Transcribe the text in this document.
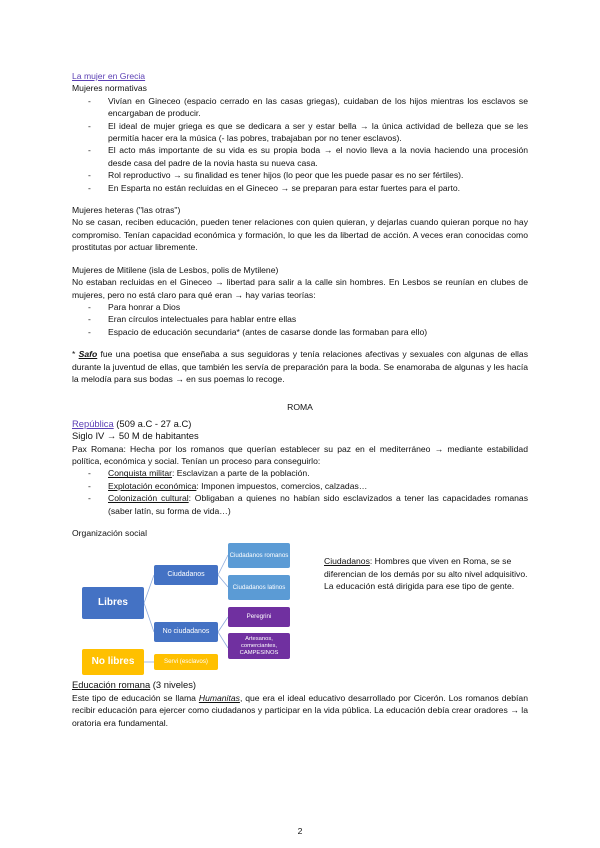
La mujer en Grecia

Mujeres normativas

- Vivían en Gineceo (espacio cerrado en las casas griegas), cuidaban de los hijos mientras los esclavos se encargaban de producir.
- El ideal de mujer griega es que se dedicara a ser y estar bella → la única actividad de belleza que se les permitía hacer era la música (- las pobres, trabajaban por no tener esclavos).
- El acto más importante de su vida es su propia boda → el novio lleva a la novia haciendo una procesión desde casa del padre de la novia hasta su nueva casa.
- Rol reproductivo → su finalidad es tener hijos (lo peor que les puede pasar es no ser fértiles).
- En Esparta no están recluidas en el Gineceo → se preparan para estar fuertes para el parto.

Mujeres heteras ("las otras")

No se casan, reciben educación, pueden tener relaciones con quien quieran, y dejarlas cuando quieran porque no hay compromiso. Tenían capacidad económica y formación, lo que les da libertad de acción. A veces eran conocidas como prostitutas por actuar libremente.

Mujeres de Mitilene (isla de Lesbos, polis de Mytilene)

No estaban recluidas en el Gineceo → libertad para salir a la calle sin hombres. En Lesbos se reunían en clubes de mujeres, pero no está claro para qué eran → hay varias teorías:

- Para honrar a Dios
- Eran círculos intelectuales para hablar entre ellas
- Espacio de educación secundaria* (antes de casarse donde las formaban para ello)

* Safo fue una poetisa que enseñaba a sus seguidoras y tenía relaciones afectivas y sexuales con algunas de ellas durante la juventud de ellas, que también les servía de preparación para la boda. Se enamoraba de algunas y les hacía la melodía para sus bodas → en sus poemas lo recoge.

ROMA

República (509 a.C - 27 a.C)

Siglo IV → 50 M de habitantes

Pax Romana: Hecha por los romanos que querían establecer su paz en el mediterráneo → mediante estabilidad política, económica y social. Tenían un proceso para conseguirlo:

- Conquista militar: Esclavizan a parte de la población.
- Explotación económica: Imponen impuestos, comercios, calzadas…
- Colonización cultural: Obligaban a quienes no habían sido esclavizados a tener las capacidades romanas (saber latín, su forma de vida…)

Organización social

Libres
Ciudadanos
No ciudadanos
Ciudadanos romanos
Ciudadanos latinos
Peregrini
Artesanos, comerciantes, CAMPESINOS
No libres	Servi (esclavos)
Ciudadanos: Hombres que viven en Roma, se se diferencian de los demás por su alto nivel adquisitivo. La educación está dirigida para ese tipo de gente.

Educación romana (3 niveles)

Este tipo de educación se llama Humanitas, que era el ideal educativo desarrollado por Cicerón. Los romanos debían recibir educación para ejercer como ciudadanos y participar en la vida pública. La educación debía crear oradores → la oratoria era fundamental.

2
